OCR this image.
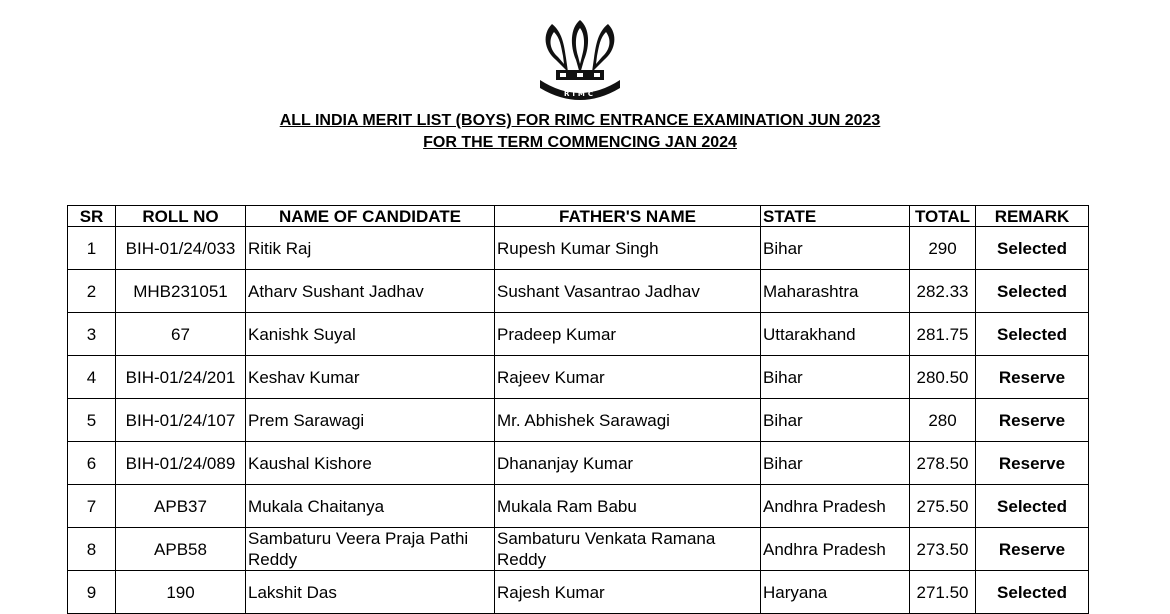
RIMC
ALL INDIA MERIT LIST (BOYS) FOR RIMC ENTRANCE EXAMINATION JUN 2023
FOR THE TERM COMMENCING JAN 2024
SR	ROLL NO	NAME OF CANDIDATE	FATHER'S NAME	STATE	TOTAL	REMARK
1	BIH-01/24/033	Ritik Raj	Rupesh Kumar Singh	Bihar	290	Selected
2	MHB231051	Atharv Sushant Jadhav	Sushant Vasantrao Jadhav	Maharashtra	282.33	Selected
3	67	Kanishk Suyal	Pradeep Kumar	Uttarakhand	281.75	Selected
4	BIH-01/24/201	Keshav Kumar	Rajeev Kumar	Bihar	280.50	Reserve
5	BIH-01/24/107	Prem Sarawagi	Mr. Abhishek Sarawagi	Bihar	280	Reserve
6	BIH-01/24/089	Kaushal Kishore	Dhananjay Kumar	Bihar	278.50	Reserve
7	APB37	Mukala Chaitanya	Mukala Ram Babu	Andhra Pradesh	275.50	Selected
8	APB58	Sambaturu Veera Praja Pathi Reddy	Sambaturu Venkata Ramana Reddy	Andhra Pradesh	273.50	Reserve
9	190	Lakshit Das	Rajesh Kumar	Haryana	271.50	Selected
